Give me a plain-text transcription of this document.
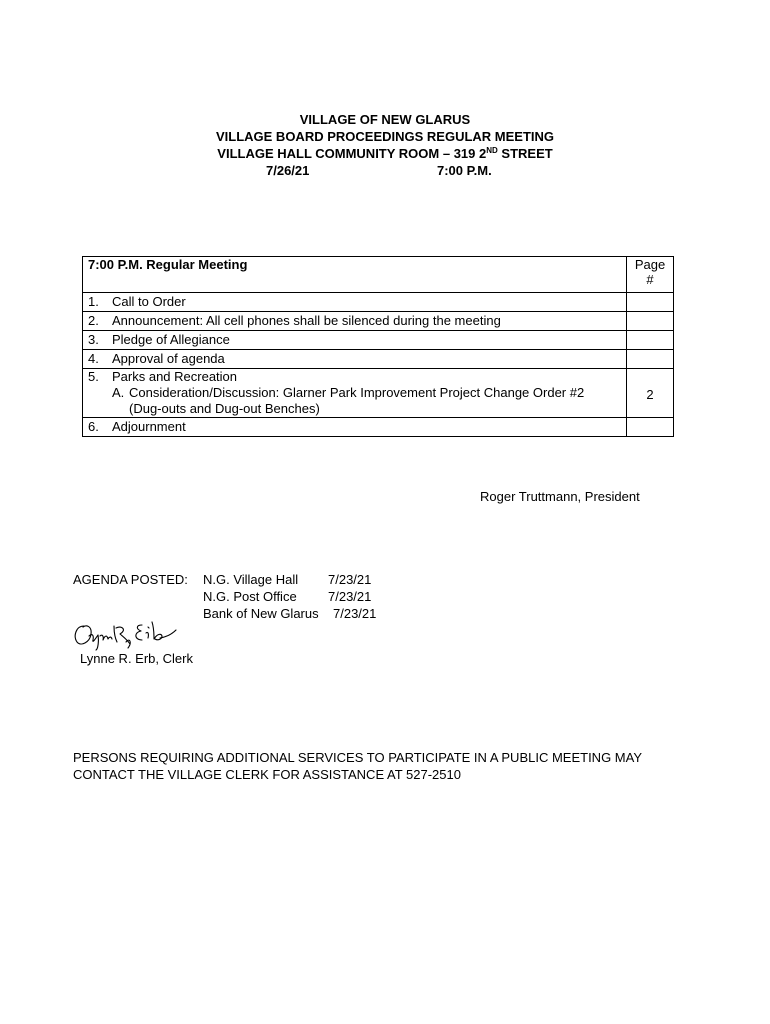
VILLAGE OF NEW GLARUS
VILLAGE BOARD PROCEEDINGS REGULAR MEETING
VILLAGE HALL COMMUNITY ROOM – 319 2ND STREET
7/26/21	7:00 P.M.
7:00 P.M. Regular Meeting	Page
#

1. Call to Order	
2. Announcement: All cell phones shall be silenced during the meeting	
3. Pledge of Allegiance	
4. Approval of agenda	

5. Parks and Recreation
A. Consideration/Discussion: Glarner Park Improvement Project Change Order #2
(Dug-outs and Dug-out Benches)	2

6. Adjournment	
Roger Truttmann, President
AGENDA POSTED: N.G. Village Hall 7/23/21
N.G. Post Office 7/23/21
Bank of New Glarus 7/23/21
Lynne R. Erb, Clerk
PERSONS REQUIRING ADDITIONAL SERVICES TO PARTICIPATE IN A PUBLIC MEETING MAY
CONTACT THE VILLAGE CLERK FOR ASSISTANCE AT 527-2510
